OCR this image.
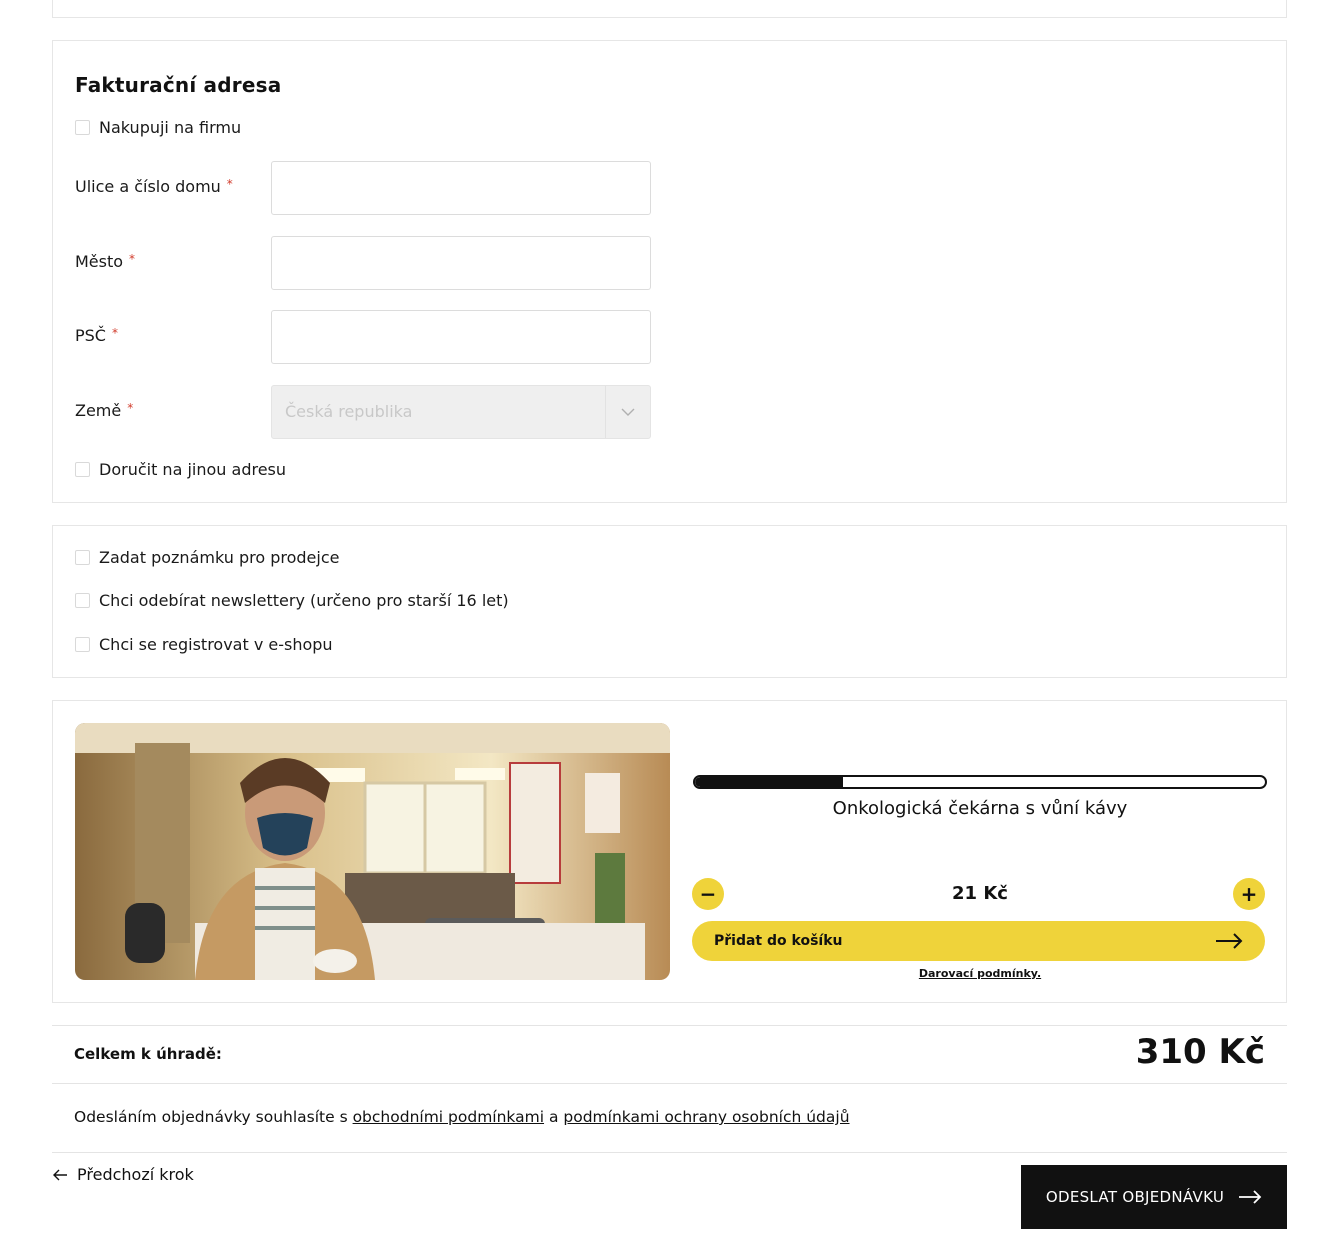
Fakturační adresa
Nakupuji na firmu
Ulice a číslo domu *
Město *
PSČ *
Země *	Česká republika
Doručit na jinou adresu
Zadat poznámku pro prodejce
Chci odebírat newslettery (určeno pro starší 16 let)
Chci se registrovat v e-shopu
Onkologická čekárna s vůní kávy
−	21 Kč	+
Přidat do košíku
Darovací podmínky.
Celkem k úhradě:	310 Kč
Odesláním objednávky souhlasíte s obchodními podmínkami a podmínkami ochrany osobních údajů
Předchozí krok
ODESLAT OBJEDNÁVKU
